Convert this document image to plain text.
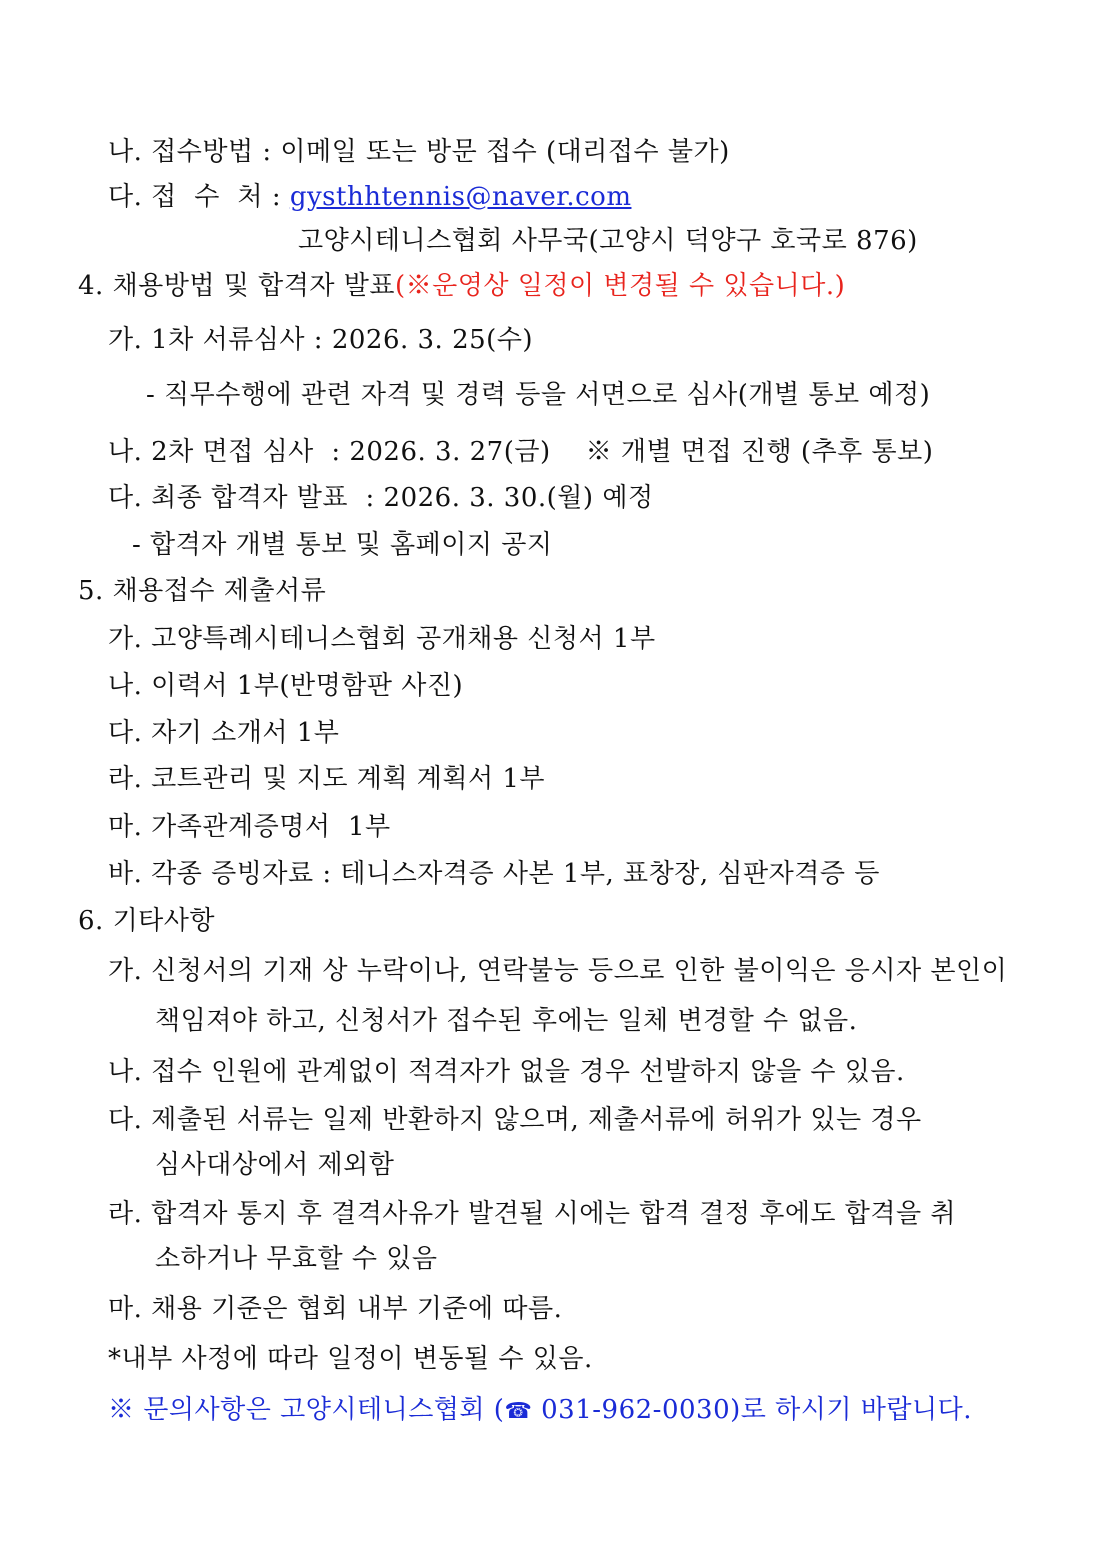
나. 접수방법 : 이메일 또는 방문 접수 (대리접수 불가)
다. 접  수  처 : gysthhtennis@naver.com
고양시테니스협회 사무국(고양시 덕양구 호국로 876)
4. 채용방법 및 합격자 발표(※운영상 일정이 변경될 수 있습니다.)
가. 1차 서류심사 : 2026. 3. 25(수)
- 직무수행에 관련 자격 및 경력 등을 서면으로 심사(개별 통보 예정)
나. 2차 면접 심사  : 2026. 3. 27(금)    ※ 개별 면접 진행 (추후 통보)
다. 최종 합격자 발표  : 2026. 3. 30.(월) 예정
- 합격자 개별 통보 및 홈페이지 공지
5. 채용접수 제출서류
가. 고양특례시테니스협회 공개채용 신청서 1부
나. 이력서 1부(반명함판 사진)
다. 자기 소개서 1부
라. 코트관리 및 지도 계획 계획서 1부
마. 가족관계증명서  1부
바. 각종 증빙자료 : 테니스자격증 사본 1부, 표창장, 심판자격증 등
6. 기타사항
가. 신청서의 기재 상 누락이나, 연락불능 등으로 인한 불이익은 응시자 본인이
책임져야 하고, 신청서가 접수된 후에는 일체 변경할 수 없음.
나. 접수 인원에 관계없이 적격자가 없을 경우 선발하지 않을 수 있음.
다. 제출된 서류는 일제 반환하지 않으며, 제출서류에 허위가 있는 경우
심사대상에서 제외함
라. 합격자 통지 후 결격사유가 발견될 시에는 합격 결정 후에도 합격을 취
소하거나 무효할 수 있음
마. 채용 기준은 협회 내부 기준에 따름.
*내부 사정에 따라 일정이 변동될 수 있음.
※ 문의사항은 고양시테니스협회 (☎ 031-962-0030)로 하시기 바랍니다.
